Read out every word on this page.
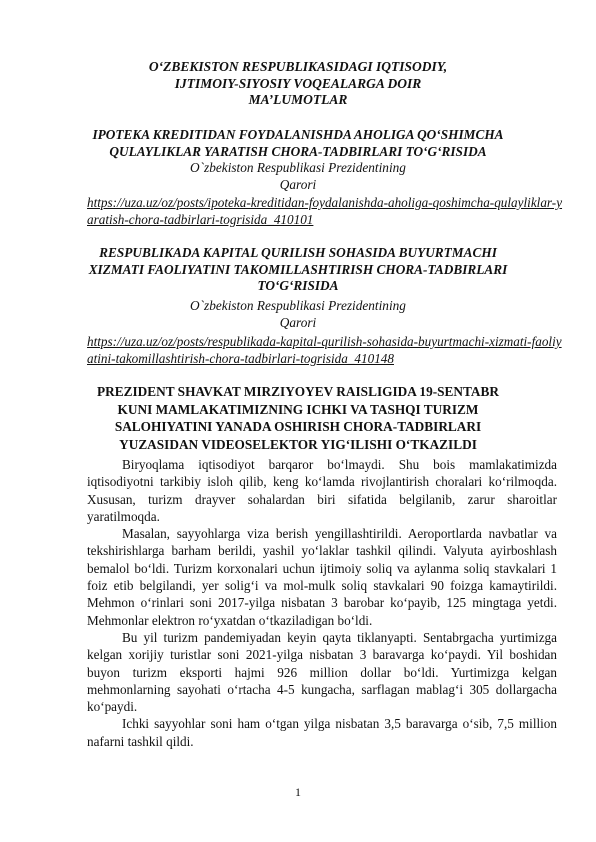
O‘ZBEKISTON RESPUBLIKASIDAGI IQTISODIY,
IJTIMOIY-SIYOSIY VOQEALARGA DOIR
MA’LUMOTLAR
IPOTEKA KREDITIDAN FOYDALANISHDA AHOLIGA QO‘SHIMCHA
QULAYLIKLAR YARATISH CHORA-TADBIRLARI TO‘G‘RISIDA
O`zbekiston Respublikasi Prezidentining
Qarori
https://uza.uz/oz/posts/ipoteka-kreditidan-foydalanishda-aholiga-qoshimcha-qulayliklar-yaratish-chora-tadbirlari-togrisida_410101
RESPUBLIKADA KAPITAL QURILISH SOHASIDA BUYURTMACHI
XIZMATI FAOLIYATINI TAKOMILLASHTIRISH CHORA-TADBIRLARI
TO‘G‘RISIDA
O`zbekiston Respublikasi Prezidentining
Qarori
https://uza.uz/oz/posts/respublikada-kapital-qurilish-sohasida-buyurtmachi-xizmati-faoliyatini-takomillashtirish-chora-tadbirlari-togrisida_410148
PREZIDENT SHAVKAT MIRZIYOYEV RAISLIGIDA 19-SENTABR
KUNI MAMLAKATIMIZNING ICHKI VA TASHQI TURIZM
SALOHIYATINI YANADA OSHIRISH CHORA-TADBIRLARI
YUZASIDAN VIDEOSELEKTOR YIG‘ILISHI O‘TKAZILDI

Biryoqlama iqtisodiyot barqaror bo‘lmaydi. Shu bois mamlakatimizda iqtisodiyotni tarkibiy isloh qilib, keng ko‘lamda rivojlantirish choralari ko‘rilmoqda. Xususan, turizm drayver sohalardan biri sifatida belgilanib, zarur sharoitlar yaratilmoqda.

Masalan, sayyohlarga viza berish yengillashtirildi. Aeroportlarda navbatlar va tekshirishlarga barham berildi, yashil yo‘laklar tashkil qilindi. Valyuta ayirboshlash bemalol bo‘ldi. Turizm korxonalari uchun ijtimoiy soliq va aylanma soliq stavkalari 1 foiz etib belgilandi, yer solig‘i va mol-mulk soliq stavkalari 90 foizga kamaytirildi. Mehmon o‘rinlari soni 2017-yilga nisbatan 3 barobar ko‘payib, 125 mingtaga yetdi. Mehmonlar elektron ro‘yxatdan o‘tkaziladigan bo‘ldi.

Bu yil turizm pandemiyadan keyin qayta tiklanyapti. Sentabrgacha yurtimizga kelgan xorijiy turistlar soni 2021-yilga nisbatan 3 baravarga ko‘paydi. Yil boshidan buyon turizm eksporti hajmi 926 million dollar bo‘ldi. Yurtimizga kelgan mehmonlarning sayohati o‘rtacha 4-5 kungacha, sarflagan mablag‘i 305 dollargacha ko‘paydi.

Ichki sayyohlar soni ham o‘tgan yilga nisbatan 3,5 baravarga o‘sib, 7,5 million nafarni tashkil qildi.

1
